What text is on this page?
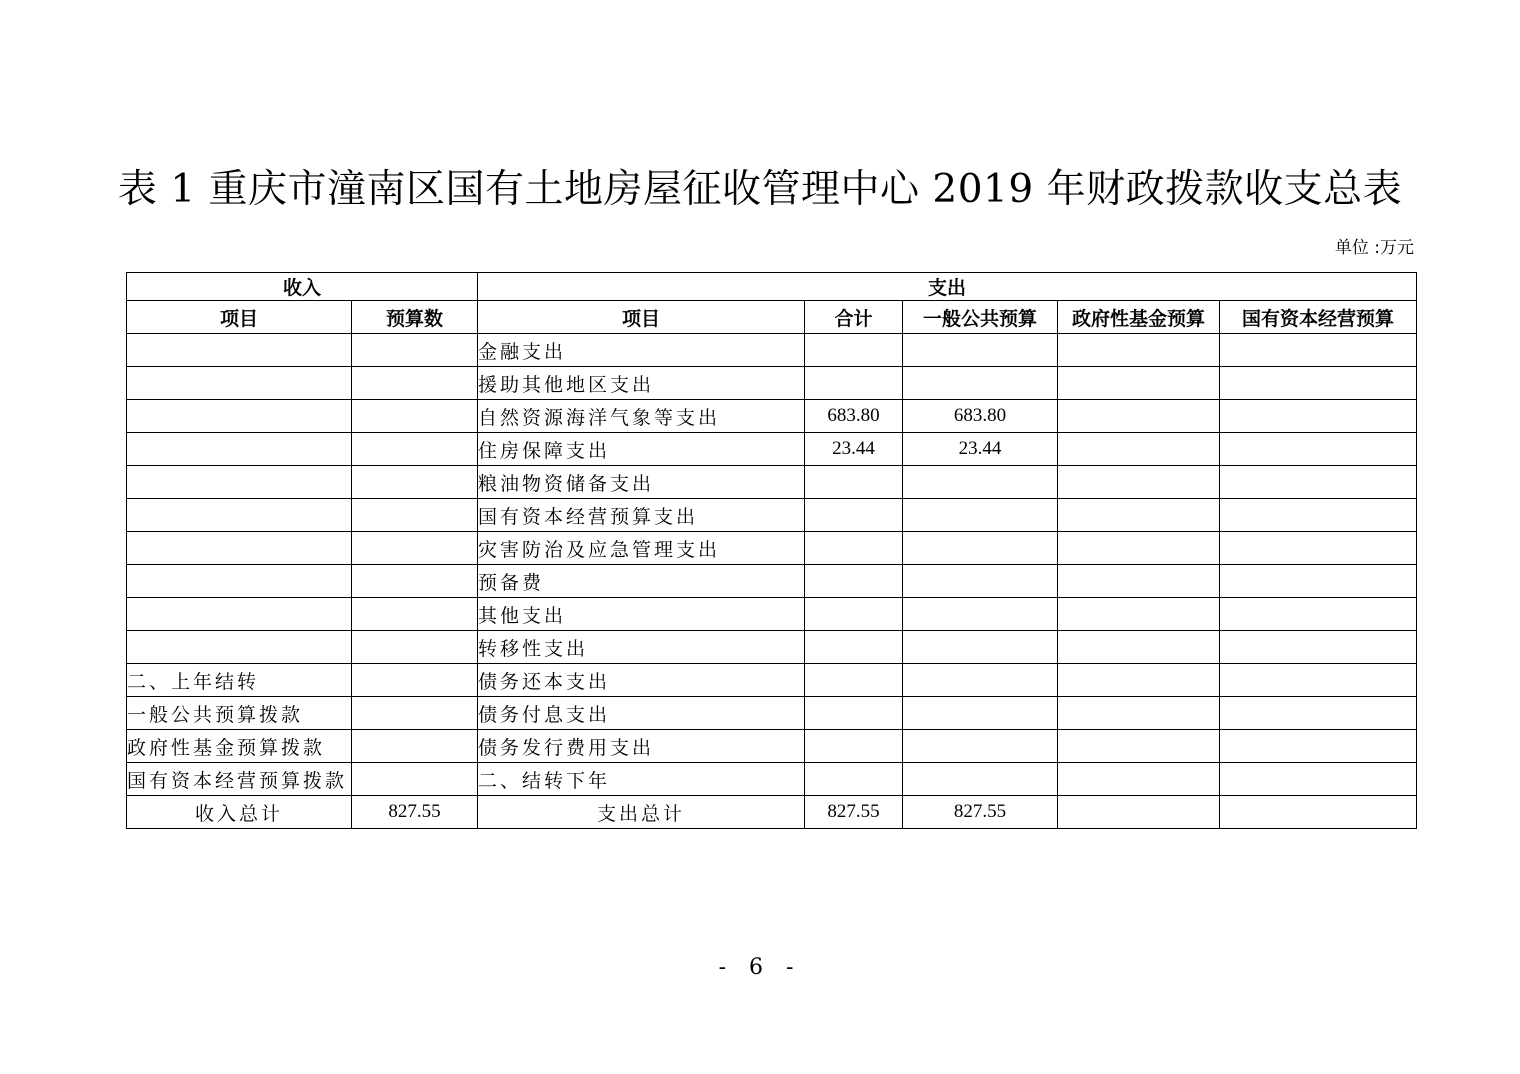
表 1 重庆市潼南区国有土地房屋征收管理中心 2019 年财政拨款收支总表
单位 :万元
收入		支出				
项目	预算数	项目	合计	一般公共预算	政府性基金预算	国有资本经营预算
		金融支出				
		援助其他地区支出				
		自然资源海洋气象等支出	683.80	683.80		
		住房保障支出	23.44	23.44		
		粮油物资储备支出				
		国有资本经营预算支出				
		灾害防治及应急管理支出				
		预备费				
		其他支出				
		转移性支出				
二、上年结转		债务还本支出				
一般公共预算拨款		债务付息支出				
政府性基金预算拨款		债务发行费用支出				
国有资本经营预算拨款		二、结转下年				
收入总计	827.55	支出总计	827.55	827.55		
- 6 -
